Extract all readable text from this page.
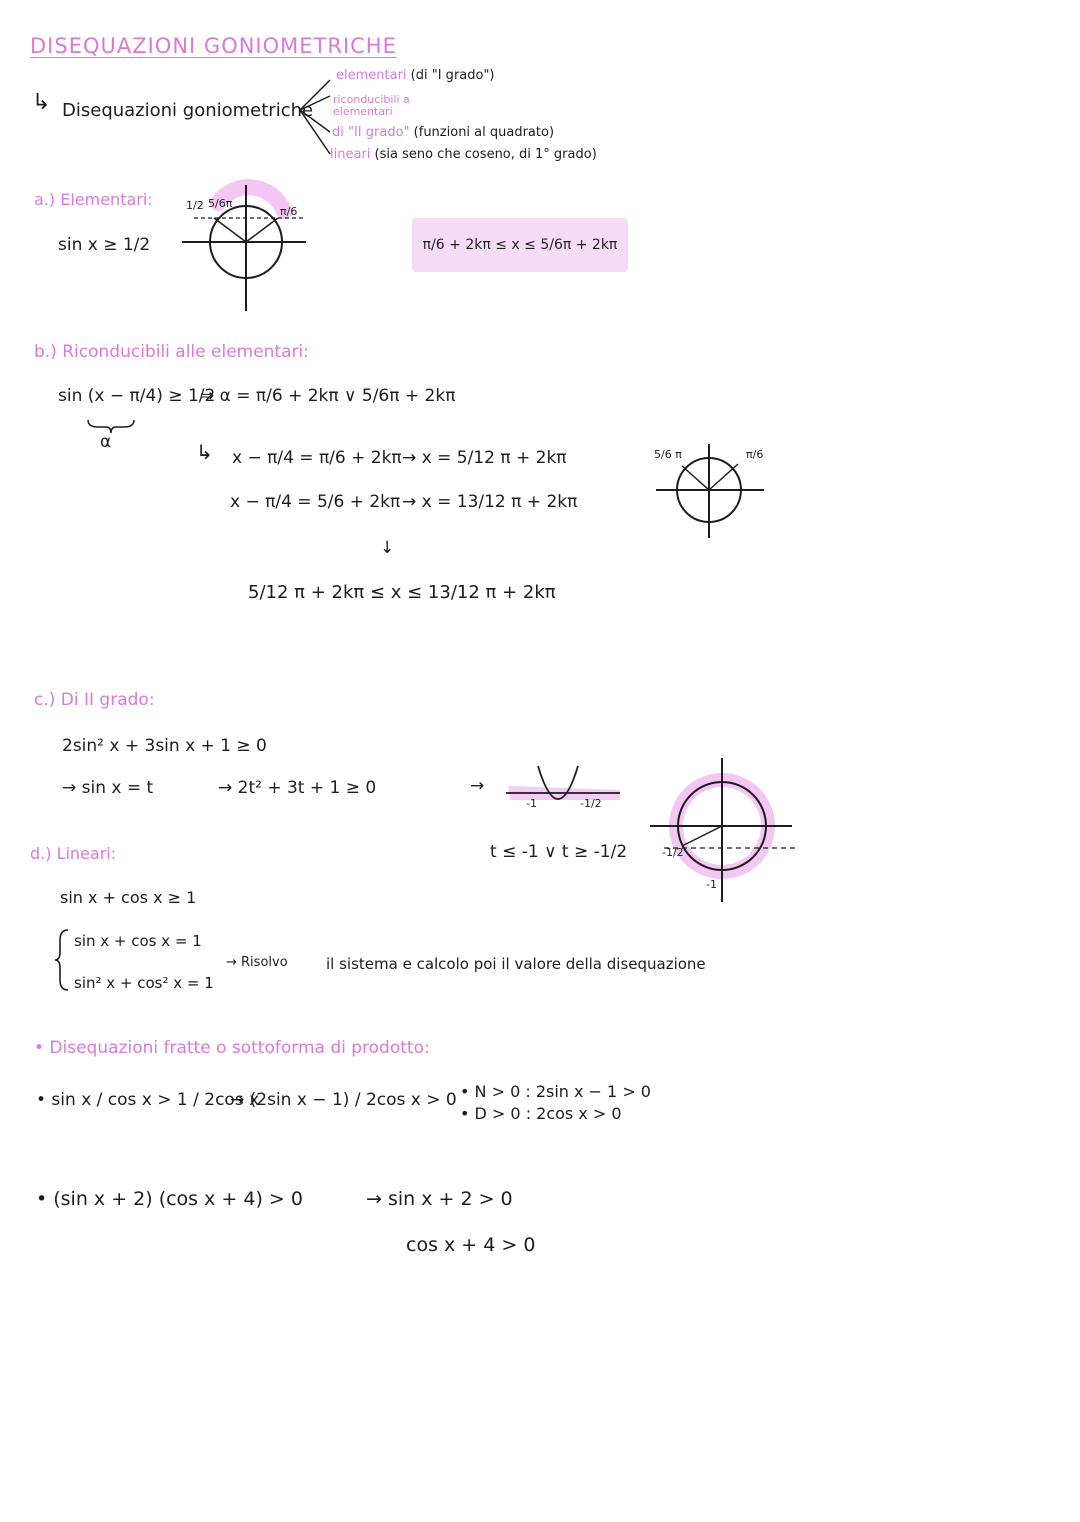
DISEQUAZIONI GONIOMETRICHE
↳ Disequazioni goniometriche
elementari (di "I grado")
riconducibili a elementari
di "II grado" (funzioni al quadrato)
lineari (sia seno che coseno, di 1° grado)
a.) Elementari:
sin x ≥ 1/2
1/2 5/6π
π/6
π/6 + 2kπ ≤ x ≤ 5/6π + 2kπ
b.) Riconducibili alle elementari:
sin (x − π/4) ≥ 1/2
α
⇒ α = π/6 + 2kπ ∨ 5/6π + 2kπ
↳ x − π/4 = π/6 + 2kπ → x = 5/12 π + 2kπ
x − π/4 = 5/6 + 2kπ → x = 13/12 π + 2kπ
↓
5/12 π + 2kπ ≤ x ≤ 13/12 π + 2kπ
5/6 π	π/6
c.) Di II grado:
2sin² x + 3sin x + 1 ≥ 0
→ sin x = t	→ 2t² + 3t + 1 ≥ 0	→
-1	-1/2
t ≤ -1 ∨ t ≥ -1/2	-1/2
-1
d.) Lineari:
sin x + cos x ≥ 1
sin x + cos x = 1
sin² x + cos² x = 1
→ Risolvo	il sistema e calcolo poi il valore della disequazione
• Disequazioni fratte o sottoforma di prodotto:
• sin x / cos x > 1 / 2cos x
→ (2sin x − 1) / 2cos x > 0 • N > 0 : 2sin x − 1 > 0
• D > 0 : 2cos x > 0
• (sin x + 2) (cos x + 4) > 0	→ sin x + 2 > 0
cos x + 4 > 0
